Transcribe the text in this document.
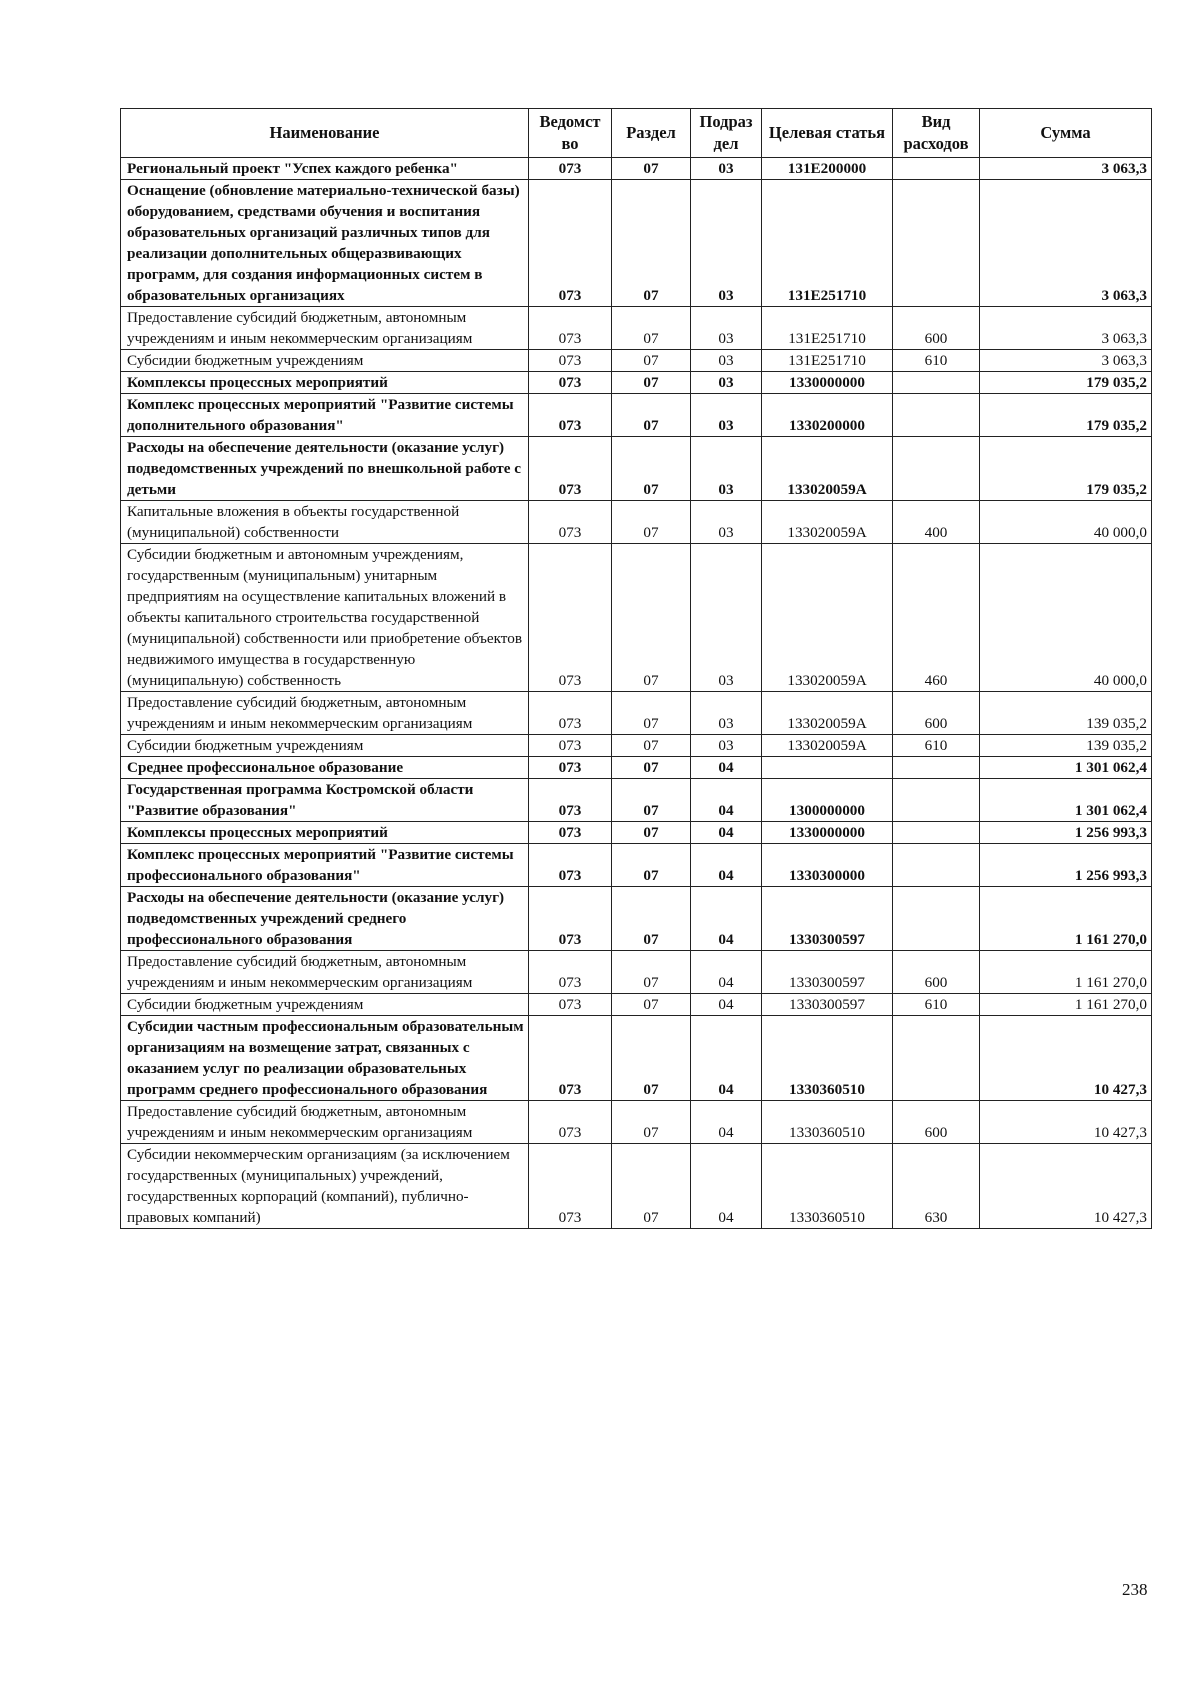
Наименование	Ведомст во	Раздел	Подраз дел	Целевая статья	Вид расходов	Сумма
Региональный проект "Успех каждого ребенка"	073	07	03	131E200000		3 063,3
Оснащение (обновление материально-технической базы) оборудованием, средствами обучения и воспитания образовательных организаций различных типов для реализации дополнительных общеразвивающих программ, для создания информационных систем в образовательных организациях	073	07	03	131E251710		3 063,3
Предоставление субсидий бюджетным, автономным учреждениям и иным некоммерческим организациям	073	07	03	131E251710	600	3 063,3
Субсидии бюджетным учреждениям	073	07	03	131E251710	610	3 063,3
Комплексы процессных мероприятий	073	07	03	1330000000		179 035,2
Комплекс процессных мероприятий "Развитие системы дополнительного образования"	073	07	03	1330200000		179 035,2
Расходы на обеспечение деятельности (оказание услуг) подведомственных учреждений по внешкольной работе с детьми	073	07	03	133020059A		179 035,2
Капитальные вложения в объекты государственной (муниципальной) собственности	073	07	03	133020059A	400	40 000,0
Субсидии бюджетным и автономным учреждениям, государственным (муниципальным) унитарным предприятиям на осуществление капитальных вложений в объекты капитального строительства государственной (муниципальной) собственности или приобретение объектов недвижимого имущества в государственную (муниципальную) собственность	073	07	03	133020059A	460	40 000,0
Предоставление субсидий бюджетным, автономным учреждениям и иным некоммерческим организациям	073	07	03	133020059A	600	139 035,2
Субсидии бюджетным учреждениям	073	07	03	133020059A	610	139 035,2
Среднее профессиональное образование	073	07	04			1 301 062,4
Государственная программа Костромской области "Развитие образования"	073	07	04	1300000000		1 301 062,4
Комплексы процессных мероприятий	073	07	04	1330000000		1 256 993,3
Комплекс процессных мероприятий "Развитие системы профессионального образования"	073	07	04	1330300000		1 256 993,3
Расходы на обеспечение деятельности (оказание услуг) подведомственных учреждений среднего профессионального образования	073	07	04	1330300597		1 161 270,0
Предоставление субсидий бюджетным, автономным учреждениям и иным некоммерческим организациям	073	07	04	1330300597	600	1 161 270,0
Субсидии бюджетным учреждениям	073	07	04	1330300597	610	1 161 270,0
Субсидии частным профессиональным образовательным организациям на возмещение затрат, связанных с оказанием услуг по реализации образовательных программ среднего профессионального образования	073	07	04	1330360510		10 427,3
Предоставление субсидий бюджетным, автономным учреждениям и иным некоммерческим организациям	073	07	04	1330360510	600	10 427,3
Субсидии некоммерческим организациям (за исключением государственных (муниципальных) учреждений, государственных корпораций (компаний), публично-правовых компаний)	073	07	04	1330360510	630	10 427,3
238
